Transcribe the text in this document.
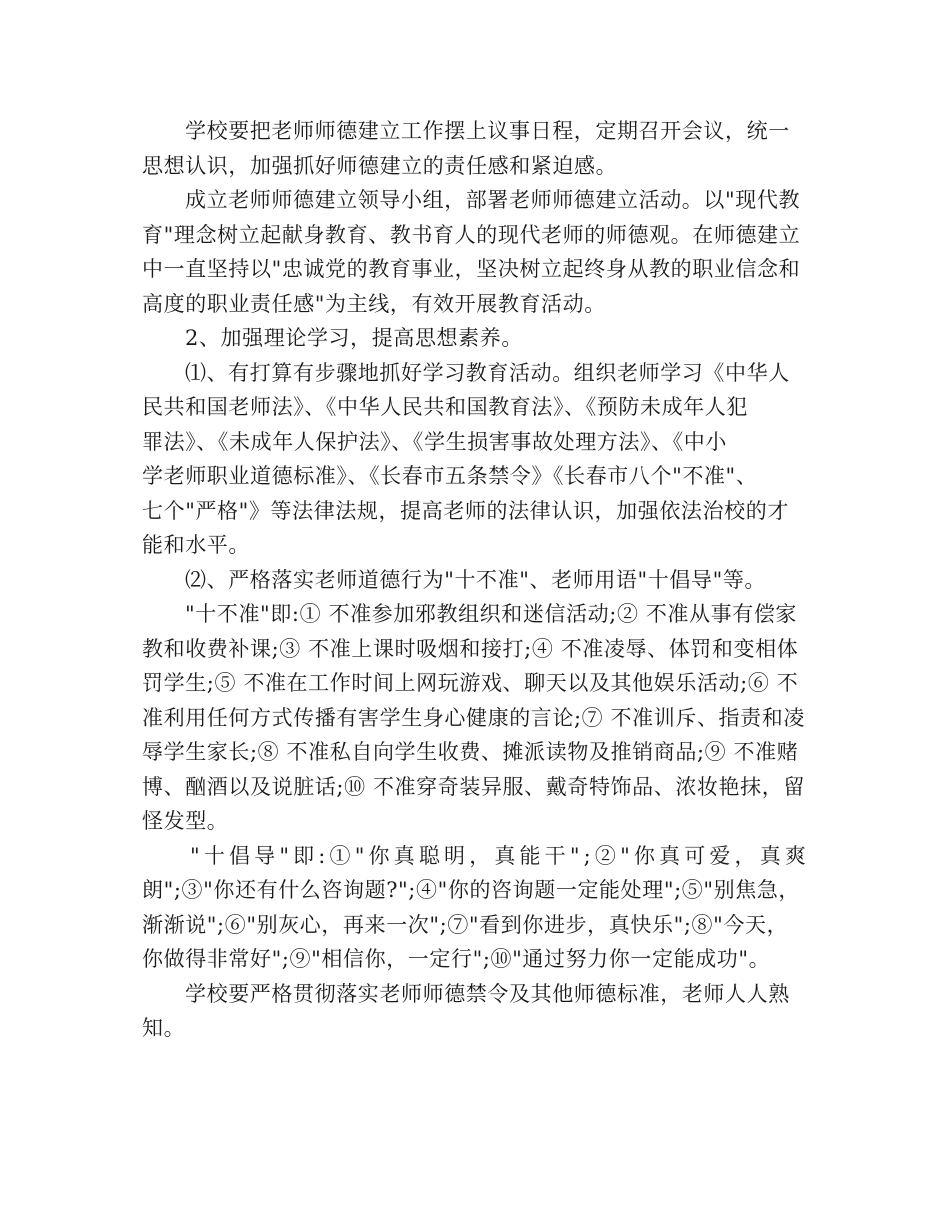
学校要把老师师德建立工作摆上议事日程，定期召开会议，统一
思想认识，加强抓好师德建立的责任感和紧迫感。
成立老师师德建立领导小组，部署老师师德建立活动。以"现代教
育"理念树立起献身教育、教书育人的现代老师的师德观。在师德建立
中一直坚持以"忠诚党的教育事业，坚决树立起终身从教的职业信念和
高度的职业责任感"为主线，有效开展教育活动。
2、加强理论学习，提高思想素养。
⑴、有打算有步骤地抓好学习教育活动。组织老师学习《中华人
民共和国老师法》、《中华人民共和国教育法》、《预防未成年人犯
罪法》、《未成年人保护法》、《学生损害事故处理方法》、《中小
学老师职业道德标准》、《长春市五条禁令》《长春市八个"不准"、
七个"严格"》等法律法规，提高老师的法律认识，加强依法治校的才
能和水平。
⑵、严格落实老师道德行为"十不准"、老师用语"十倡导"等。
"十不准"即:① 不准参加邪教组织和迷信活动;② 不准从事有偿家
教和收费补课;③ 不准上课时吸烟和接打;④ 不准凌辱、体罚和变相体
罚学生;⑤ 不准在工作时间上网玩游戏、聊天以及其他娱乐活动;⑥ 不
准利用任何方式传播有害学生身心健康的言论;⑦ 不准训斥、指责和凌
辱学生家长;⑧ 不准私自向学生收费、摊派读物及推销商品;⑨ 不准赌
博、酗酒以及说脏话;⑩ 不准穿奇装异服、戴奇特饰品、浓妆艳抹，留
怪发型。
"十倡导"即:①"你真聪明，真能干";②"你真可爱，真爽
朗";③"你还有什么咨询题?";④"你的咨询题一定能处理";⑤"别焦急，
渐渐说";⑥"别灰心，再来一次";⑦"看到你进步，真快乐";⑧"今天，
你做得非常好";⑨"相信你，一定行";⑩"通过努力你一定能成功"。
学校要严格贯彻落实老师师德禁令及其他师德标准，老师人人熟
知。
